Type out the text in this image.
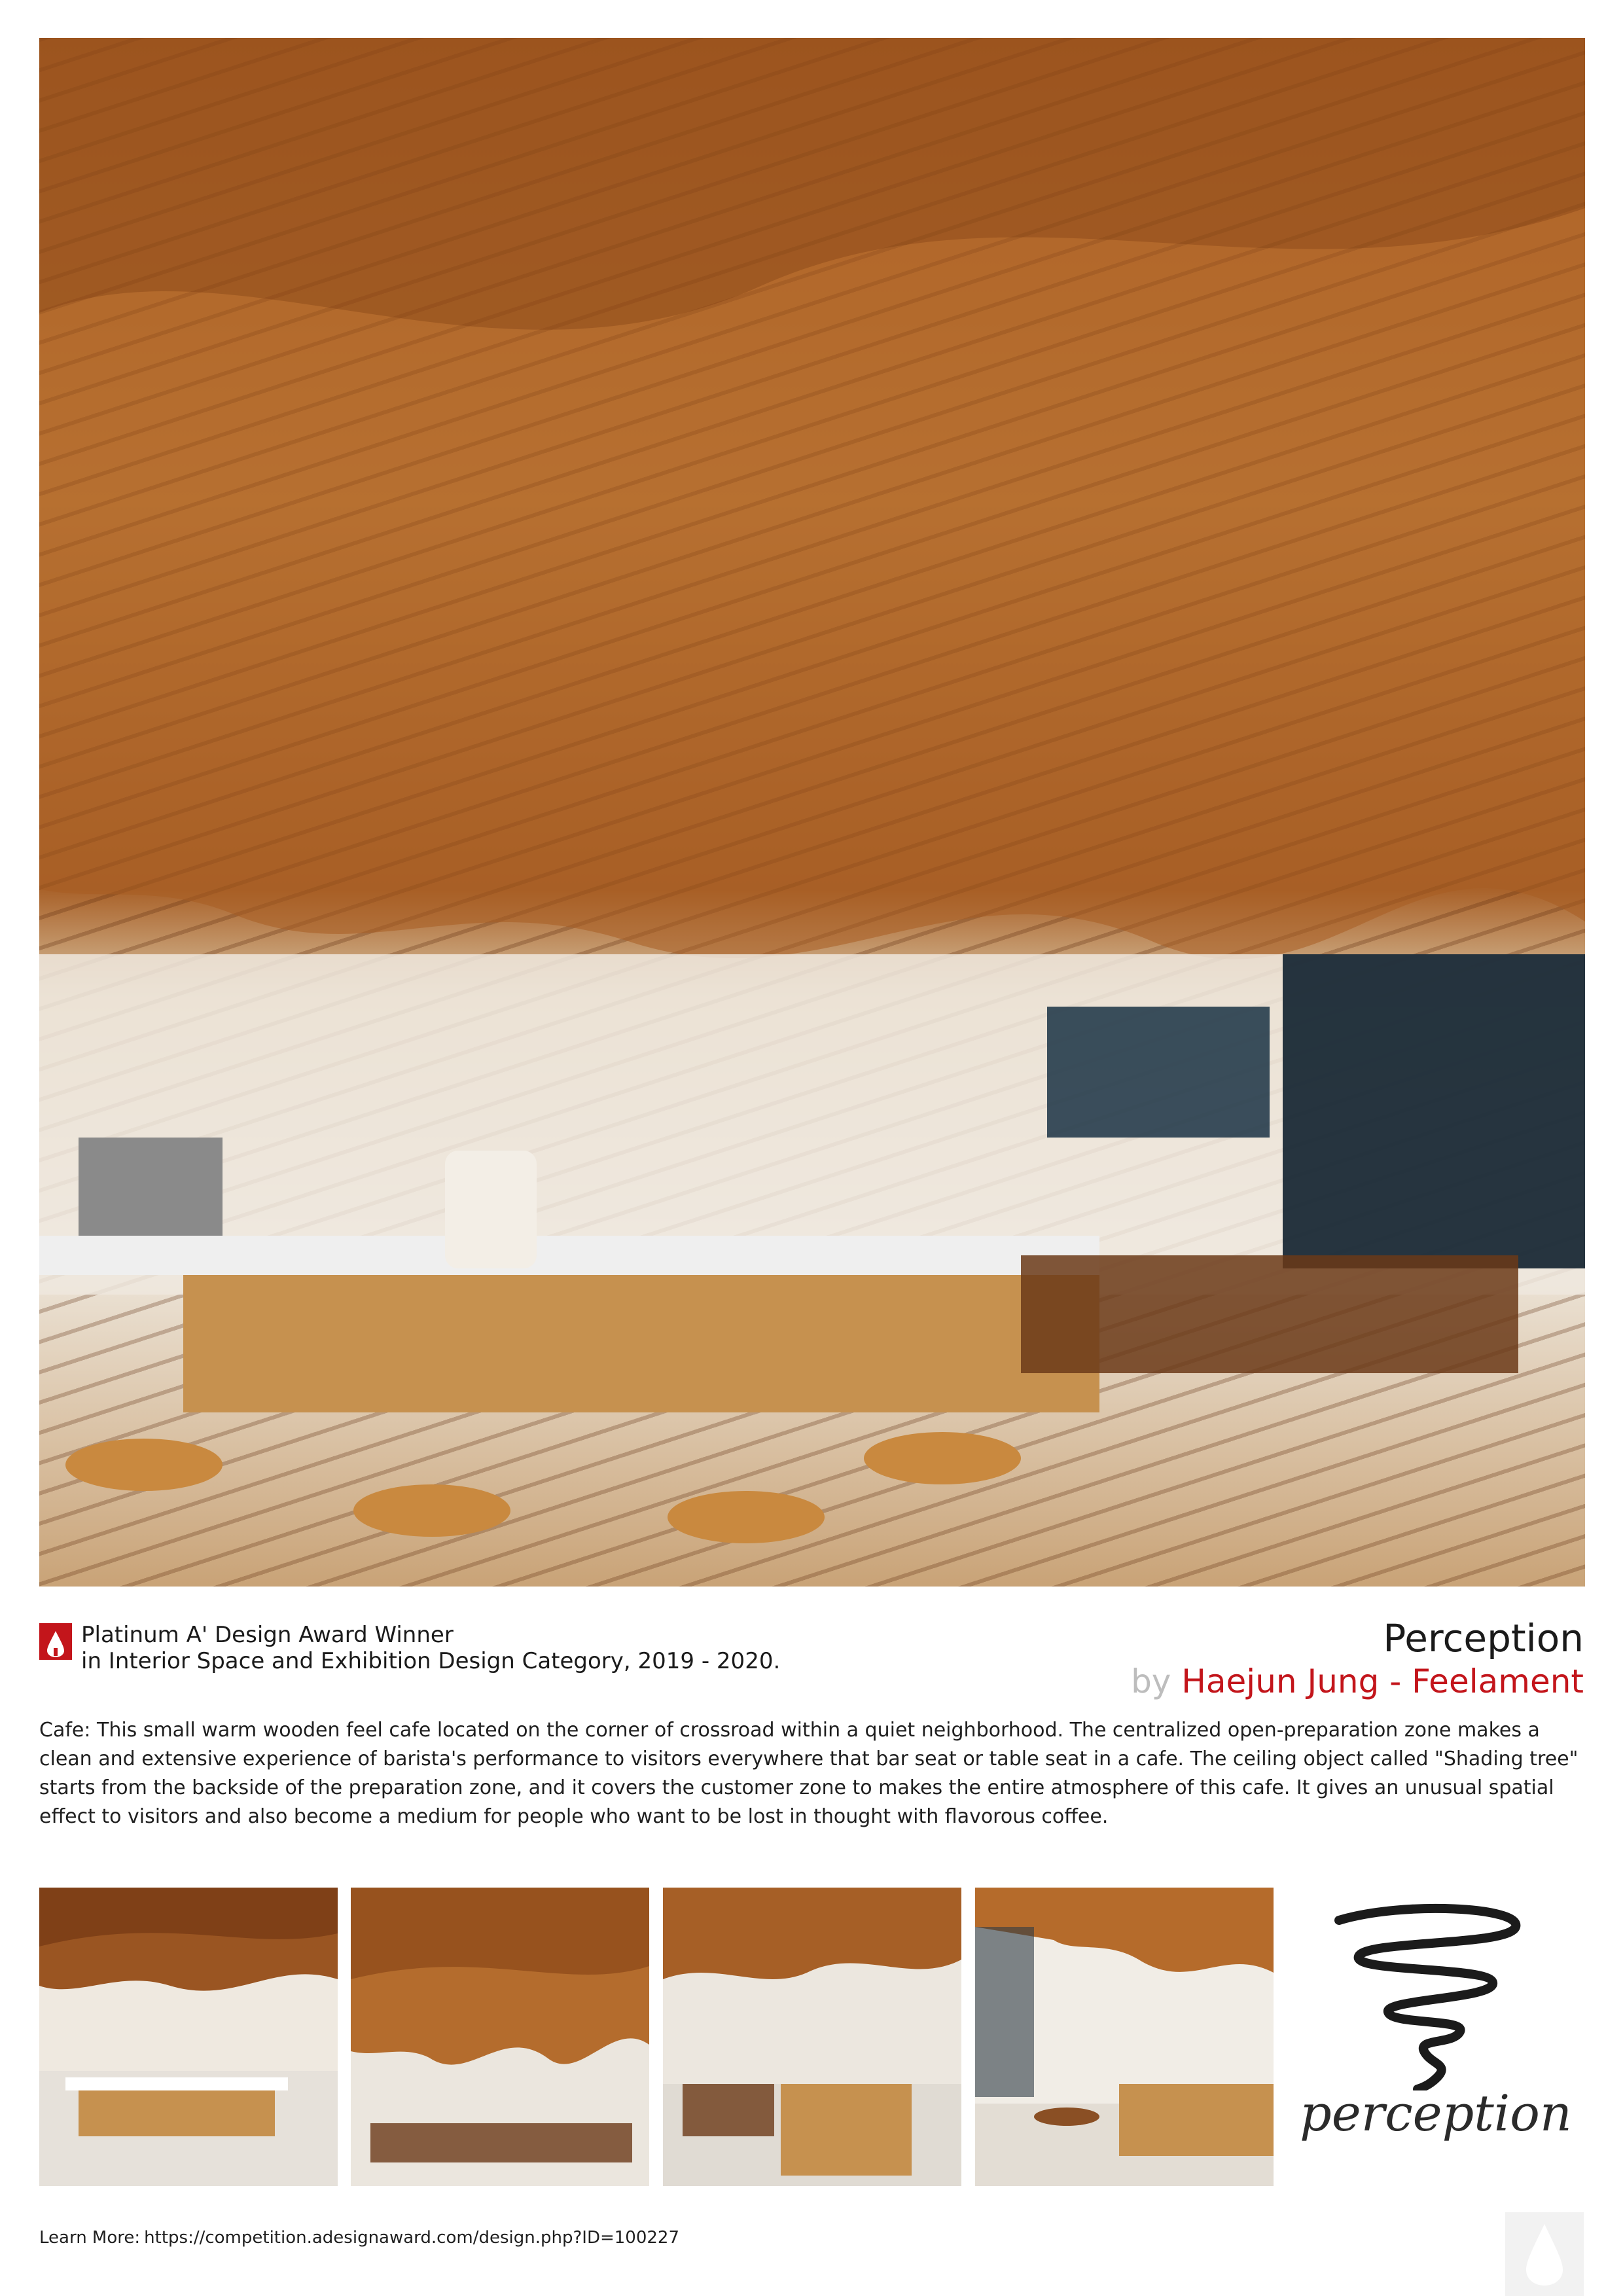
Platinum A' Design Award Winner
in Interior Space and Exhibition Design Category, 2019 - 2020.
Perception
by Haejun Jung - Feelament
Cafe: This small warm wooden feel cafe located on the corner of crossroad within a quiet neighborhood. The centralized open-preparation zone makes a clean and extensive experience of barista's performance to visitors everywhere that bar seat or table seat in a cafe. The ceiling object called "Shading tree" starts from the backside of the preparation zone, and it covers the customer zone to makes the entire atmosphere of this cafe. It gives an unusual spatial effect to visitors and also become a medium for people who want to be lost in thought with flavorous coffee.
perception
Learn More: https://competition.adesignaward.com/design.php?ID=100227
